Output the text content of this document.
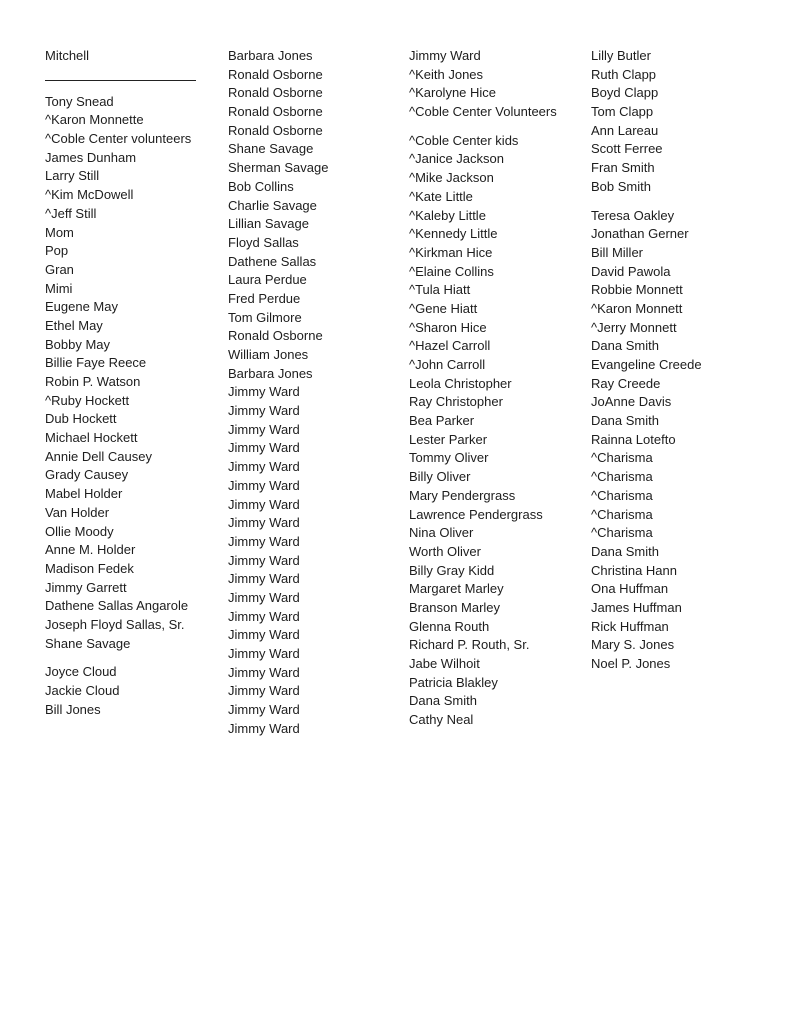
Mitchell
Tony Snead
^Karon Monnette
^Coble Center volunteers
James Dunham
Larry Still
^Kim McDowell
^Jeff Still
Mom
Pop
Gran
Mimi
Eugene May
Ethel May
Bobby May
Billie Faye Reece
Robin P. Watson
^Ruby Hockett
Dub Hockett
Michael Hockett
Annie Dell Causey
Grady Causey
Mabel Holder
Van Holder
Ollie Moody
Anne M. Holder
Madison Fedek
Jimmy Garrett
Dathene Sallas Angarole
Joseph Floyd Sallas, Sr.
Shane Savage
Joyce Cloud
Jackie Cloud
Bill Jones
Barbara Jones
Ronald Osborne
Ronald Osborne
Ronald Osborne
Ronald Osborne
Shane Savage
Sherman Savage
Bob Collins
Charlie Savage
Lillian Savage
Floyd Sallas
Dathene Sallas
Laura Perdue
Fred Perdue
Tom Gilmore
Ronald Osborne
William Jones
Barbara Jones
Jimmy Ward
Jimmy Ward
Jimmy Ward
Jimmy Ward
Jimmy Ward
Jimmy Ward
Jimmy Ward
Jimmy Ward
Jimmy Ward
Jimmy Ward
Jimmy Ward
Jimmy Ward
Jimmy Ward
Jimmy Ward
Jimmy Ward
Jimmy Ward
Jimmy Ward
Jimmy Ward
Jimmy Ward
Jimmy Ward
^Keith Jones
^Karolyne Hice
^Coble Center Volunteers
^Coble Center kids
^Janice Jackson
^Mike Jackson
^Kate Little
^Kaleby Little
^Kennedy Little
^Kirkman Hice
^Elaine Collins
^Tula Hiatt
^Gene Hiatt
^Sharon Hice
^Hazel Carroll
^John Carroll
Leola Christopher
Ray Christopher
Bea Parker
Lester Parker
Tommy Oliver
Billy Oliver
Mary Pendergrass
Lawrence Pendergrass
Nina Oliver
Worth Oliver
Billy Gray Kidd
Margaret Marley
Branson Marley
Glenna Routh
Richard P. Routh, Sr.
Jabe Wilhoit
Patricia Blakley
Dana Smith
Cathy Neal
Lilly Butler
Ruth Clapp
Boyd Clapp
Tom Clapp
Ann Lareau
Scott Ferree
Fran Smith
Bob Smith
Teresa Oakley
Jonathan Gerner
Bill Miller
David Pawola
Robbie Monnett
^Karon Monnett
^Jerry Monnett
Dana Smith
Evangeline Creede
Ray Creede
JoAnne Davis
Dana Smith
Rainna Lotefto
^Charisma
^Charisma
^Charisma
^Charisma
^Charisma
Dana Smith
Christina Hann
Ona Huffman
James Huffman
Rick Huffman
Mary S. Jones
Noel P. Jones
